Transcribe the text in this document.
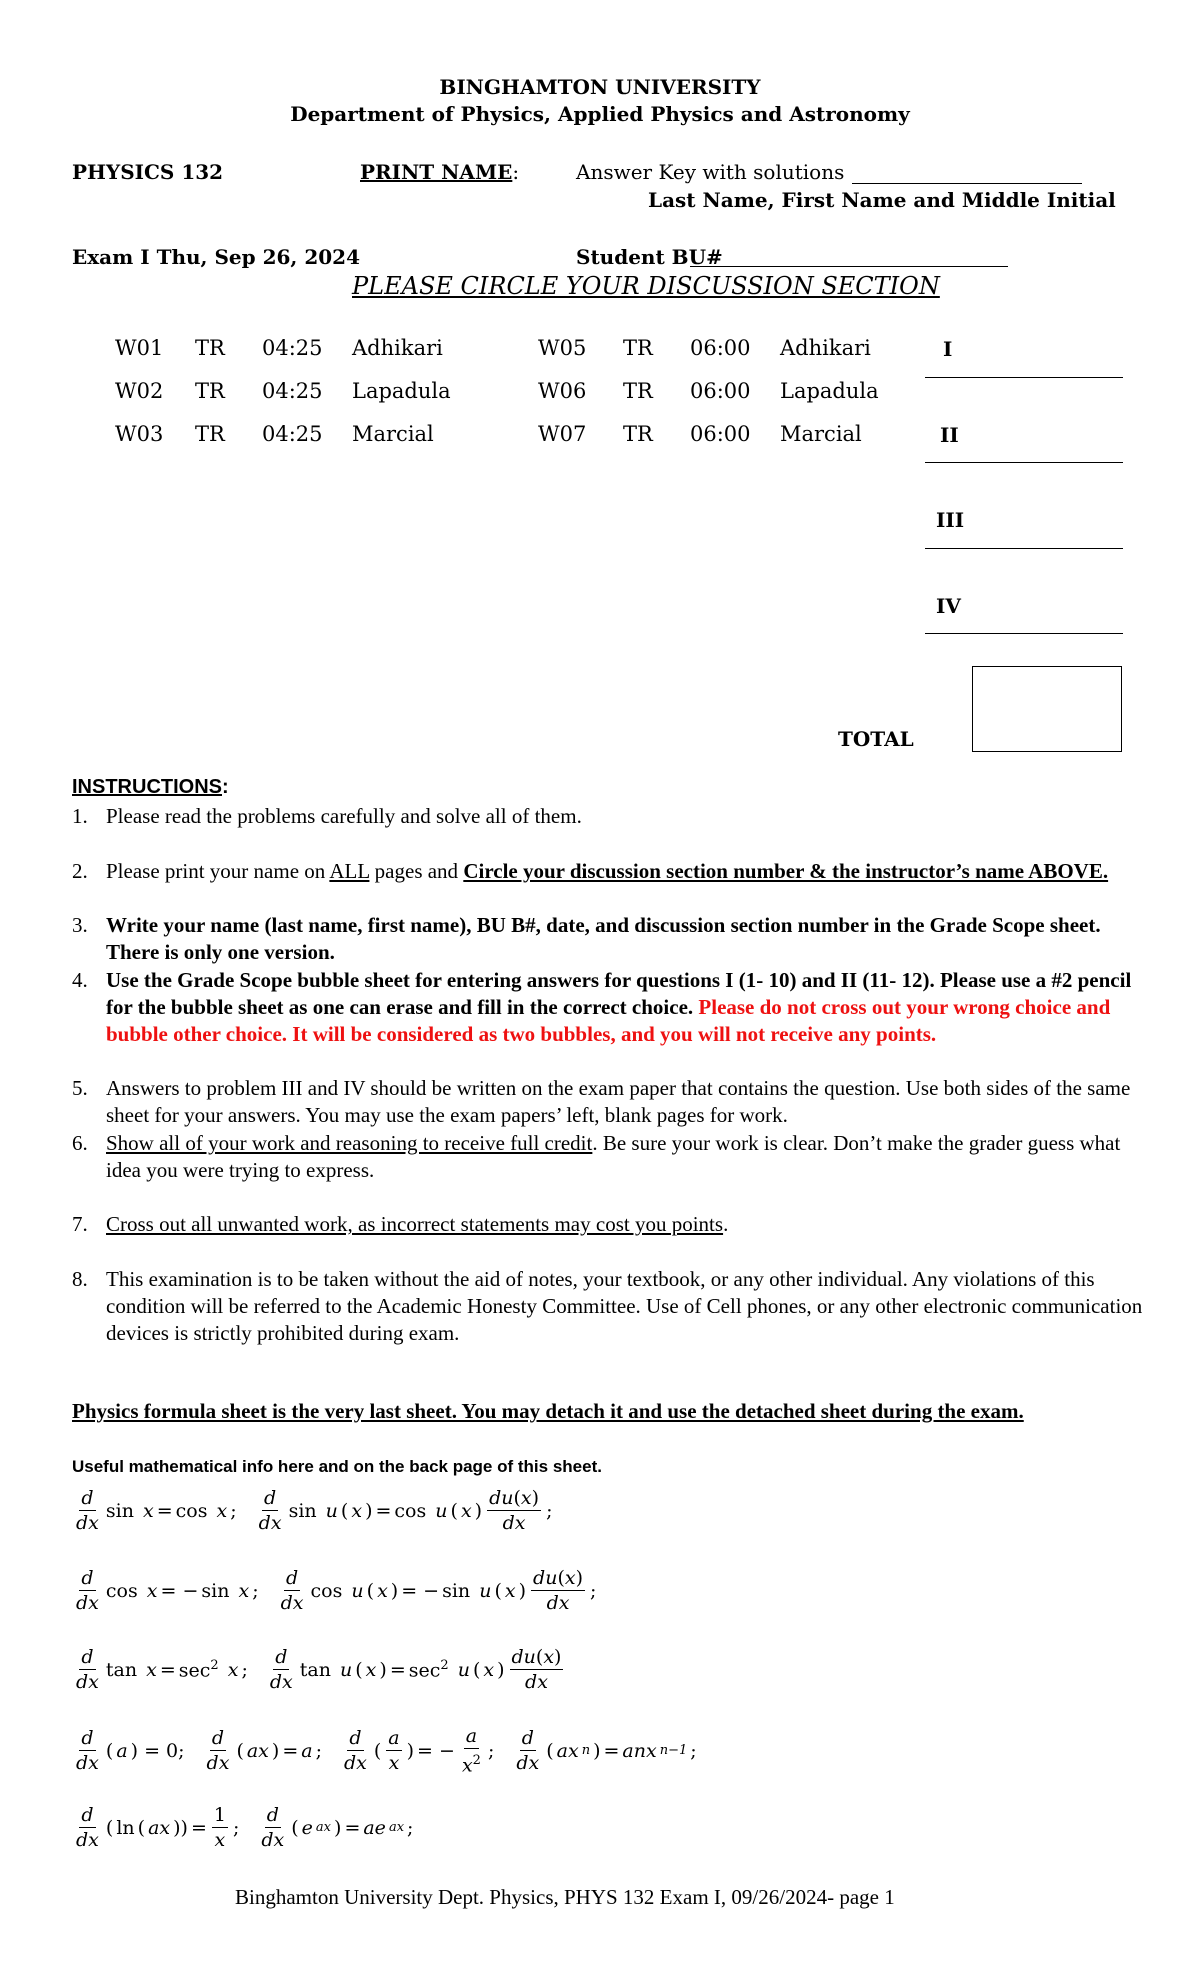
BINGHAMTON UNIVERSITY
Department of Physics, Applied Physics and Astronomy
PHYSICS 132	PRINT NAME:	Answer Key with solutions
Last Name, First Name and Middle Initial
Exam I Thu, Sep 26, 2024	Student BU#
PLEASE CIRCLE YOUR DISCUSSION SECTION
W01 TR 04:25 Adhikari	W05 TR 06:00 Adhikari
W02 TR 04:25 Lapadula	W06 TR 06:00 Lapadula
W03 TR 04:25 Marcial	W07 TR 06:00 Marcial
I
II
III
IV
TOTAL
INSTRUCTIONS:
1. Please read the problems carefully and solve all of them.
2. Please print your name on ALL pages and Circle your discussion section number & the instructor’s name ABOVE.
3. Write your name (last name, first name), BU B#, date, and discussion section number in the Grade Scope sheet. There is only one version.
4. Use the Grade Scope bubble sheet for entering answers for questions I (1- 10) and II (11- 12). Please use a #2 pencil for the bubble sheet as one can erase and fill in the correct choice. Please do not cross out your wrong choice and bubble other choice. It will be considered as two bubbles, and you will not receive any points.
5. Answers to problem III and IV should be written on the exam paper that contains the question. Use both sides of the same sheet for your answers. You may use the exam papers’ left, blank pages for work.
6. Show all of your work and reasoning to receive full credit. Be sure your work is clear. Don’t make the grader guess what idea you were trying to express.
7. Cross out all unwanted work, as incorrect statements may cost you points.
8. This examination is to be taken without the aid of notes, your textbook, or any other individual. Any violations of this condition will be referred to the Academic Honesty Committee. Use of Cell phones, or any other electronic communication devices is strictly prohibited during exam.
Physics formula sheet is the very last sheet. You may detach it and use the detached sheet during the exam.
Useful mathematical info here and on the back page of this sheet.
$\frac{d}{dx}$ sin x = cos x ; $\frac{d}{dx}$ sin u ( x ) = cos u ( x ) $\frac{du(x)}{dx}$ ;
$\frac{d}{dx}$ cos x = − sin x ; $\frac{d}{dx}$ cos u ( x ) = − sin u ( x ) $\frac{du(x)}{dx}$ ;
$\frac{d}{dx}$ $\tan x = \sec^2 x$ ; $\frac{d}{dx}$ tan u ( x ) = $\sec^2 u$ ( x ) $\frac{du(x)}{dx}$
$\frac{d}{dx}$ ( a ) = 0; $\frac{d}{dx}$ ( ax ) = a ; $\frac{d}{dx}$ ( $\frac{a}{x}$ ) = − $\frac{a}{x^2}$ ; $\frac{d}{dx}$ ( ax n ) = anx n−1 ;
$\frac{d}{dx}$ ( ln ( ax )) = $\frac{1}{x}$ ; $\frac{d}{dx}$ ( e ax ) = ae ax ;
Binghamton University Dept. Physics, PHYS 132 Exam I, 09/26/2024- page 1
